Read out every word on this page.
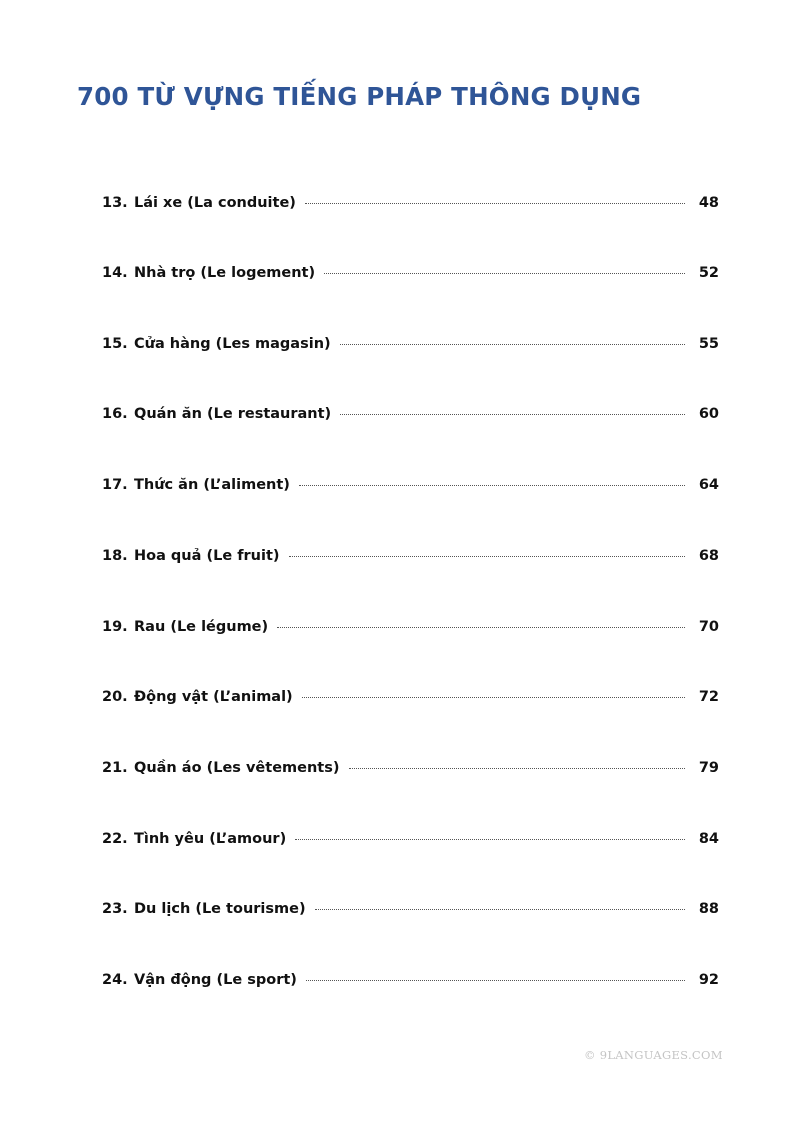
700 TỪ VỰNG TIẾNG PHÁP THÔNG DỤNG
13. Lái xe (La conduite)	48
14. Nhà trọ (Le logement)	52
15. Cửa hàng (Les magasin)	55
16. Quán ăn (Le restaurant)	60
17. Thức ăn (L’aliment)	64
18. Hoa quả (Le fruit)	68
19. Rau (Le légume)	70
20. Động vật (L’animal)	72
21. Quần áo (Les vêtements)	79
22. Tình yêu (L’amour)	84
23. Du lịch (Le tourisme)	88
24. Vận động (Le sport)	92
© 9LANGUAGES.COM
